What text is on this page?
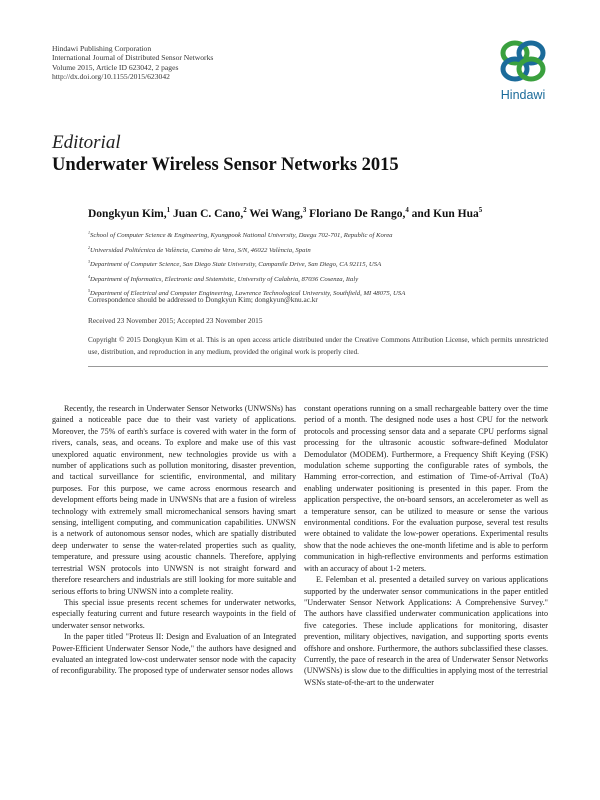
Hindawi Publishing Corporation
International Journal of Distributed Sensor Networks
Volume 2015, Article ID 623042, 2 pages
http://dx.doi.org/10.1155/2015/623042
Hindawi
Editorial
Underwater Wireless Sensor Networks 2015
Dongkyun Kim,$^1$ Juan C. Cano,$^2$ Wei Wang,$^3$ Floriano De Rango,$^4$ and Kun Hua$^5$
$^1$School of Computer Science & Engineering, Kyungpook National University, Daegu 702-701, Republic of Korea
$^2$Universidad Politécnica de València, Camino de Vera, S/N, 46022 València, Spain
$^3$Department of Computer Science, San Diego State University, Campanile Drive, San Diego, CA 92115, USA
$^4$Department of Informatics, Electronic and Sistemistic, University of Calabria, 87036 Cosenza, Italy
$^5$Department of Electrical and Computer Engineering, Lawrence Technological University, Southfield, MI 48075, USA
Correspondence should be addressed to Dongkyun Kim; dongkyun@knu.ac.kr
Received 23 November 2015; Accepted 23 November 2015
Copyright © 2015 Dongkyun Kim et al. This is an open access article distributed under the Creative Commons Attribution License, which permits unrestricted use, distribution, and reproduction in any medium, provided the original work is properly cited.

Recently, the research in Underwater Sensor Networks (UNWSNs) has gained a noticeable pace due to their vast variety of applications. Moreover, the 75% of earth's surface is covered with water in the form of rivers, canals, seas, and oceans. To explore and make use of this vast unexplored aquatic environment, new technologies provide us with a number of applications such as pollution monitoring, disaster prevention, and tactical surveillance for scientific, environmental, and military purposes. For this purpose, we came across enormous research and development efforts being made in UNWSNs that are a fusion of wireless technology with extremely small micromechanical sensors having smart sensing, intelligent computing, and communication capabilities. UNWSN is a network of autonomous sensor nodes, which are spatially distributed deep underwater to sense the water-related properties such as quality, temperature, and pressure using acoustic channels. Therefore, applying terrestrial WSN protocols into UNWSN is not straight forward and therefore researchers and industrials are still looking for more suitable and serious efforts to bring UNWSN into a complete reality.

This special issue presents recent schemes for underwater networks, especially featuring current and future research waypoints in the field of underwater sensor networks.

In the paper titled "Proteus II: Design and Evaluation of an Integrated Power-Efficient Underwater Sensor Node," the authors have designed and evaluated an integrated low-cost underwater sensor node with the capacity of reconfigurability. The proposed type of underwater sensor nodes allows

constant operations running on a small rechargeable battery over the time period of a month. The designed node uses a host CPU for the network protocols and processing sensor data and a separate CPU performs signal processing for the ultrasonic acoustic software-defined Modulator Demodulator (MODEM). Furthermore, a Frequency Shift Keying (FSK) modulation scheme supporting the configurable rates of symbols, the Hamming error-correction, and estimation of Time-of-Arrival (ToA) enabling underwater positioning is presented in this paper. From the application perspective, the on-board sensors, an accelerometer as well as a temperature sensor, can be utilized to measure or sense the various environmental conditions. For the evaluation purpose, several test results were obtained to validate the low-power operations. Experimental results show that the node achieves the one-month lifetime and is able to perform communication in high-reflective environments and performs estimation with an accuracy of about 1-2 meters.

E. Felemban et al. presented a detailed survey on various applications supported by the underwater sensor communications in the paper entitled "Underwater Sensor Network Applications: A Comprehensive Survey." The authors have classified underwater communication applications into five categories. These include applications for monitoring, disaster prevention, military objectives, navigation, and supporting sports events offshore and onshore. Furthermore, the authors subclassified these classes. Currently, the pace of research in the area of Underwater Sensor Networks (UNWSNs) is slow due to the difficulties in applying most of the terrestrial WSNs state-of-the-art to the underwater
